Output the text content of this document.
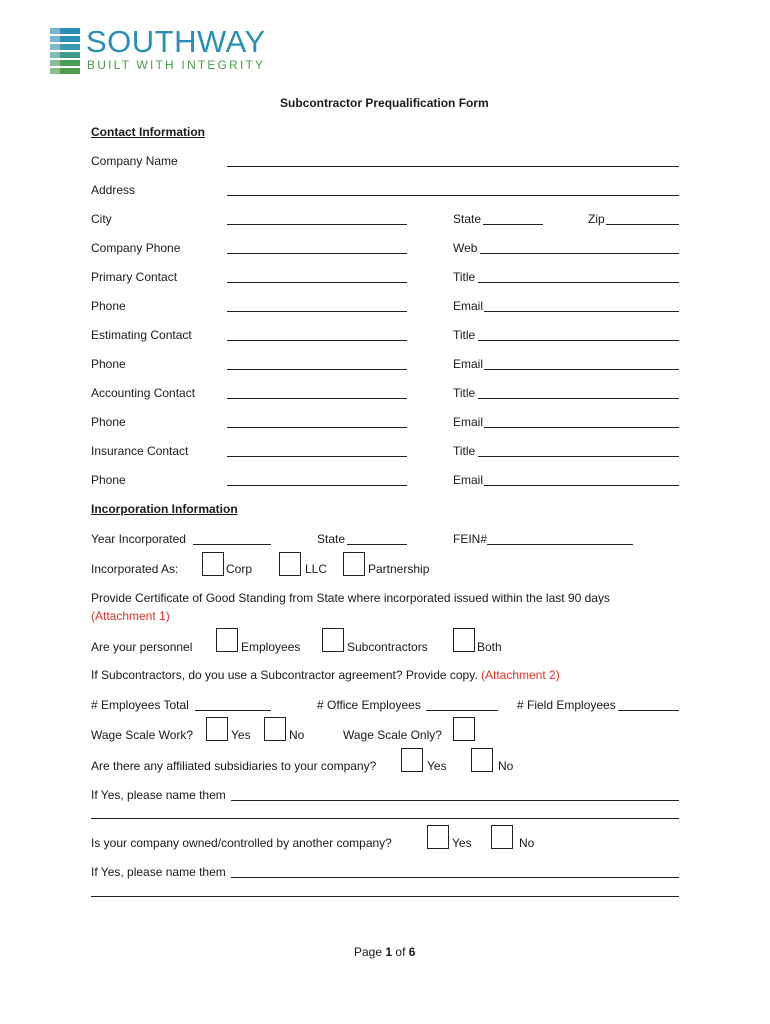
SOUTHWAY
BUILT WITH INTEGRITY
Subcontractor Prequalification Form
Contact Information
Company Name
Address
City	State	Zip
Company Phone	Web
Primary Contact	Title
Phone	Email
Estimating Contact	Title
Phone	Email
Accounting Contact	Title
Phone	Email
Insurance Contact	Title
Phone	Email
Incorporation Information
Year Incorporated	State	FEIN#
Incorporated As:	Corp	LLC	Partnership
Provide Certificate of Good Standing from State where incorporated issued within the last 90 days
(Attachment 1)
Are your personnel	Employees	Subcontractors	Both
If Subcontractors, do you use a Subcontractor agreement? Provide copy. (Attachment 2)
# Employees Total	# Office Employees	# Field Employees
Wage Scale Work?	Yes	No	Wage Scale Only?
Are there any affiliated subsidiaries to your company?	Yes	No
If Yes, please name them
Is your company owned/controlled by another company?	Yes	No
If Yes, please name them
Page 1 of 6
